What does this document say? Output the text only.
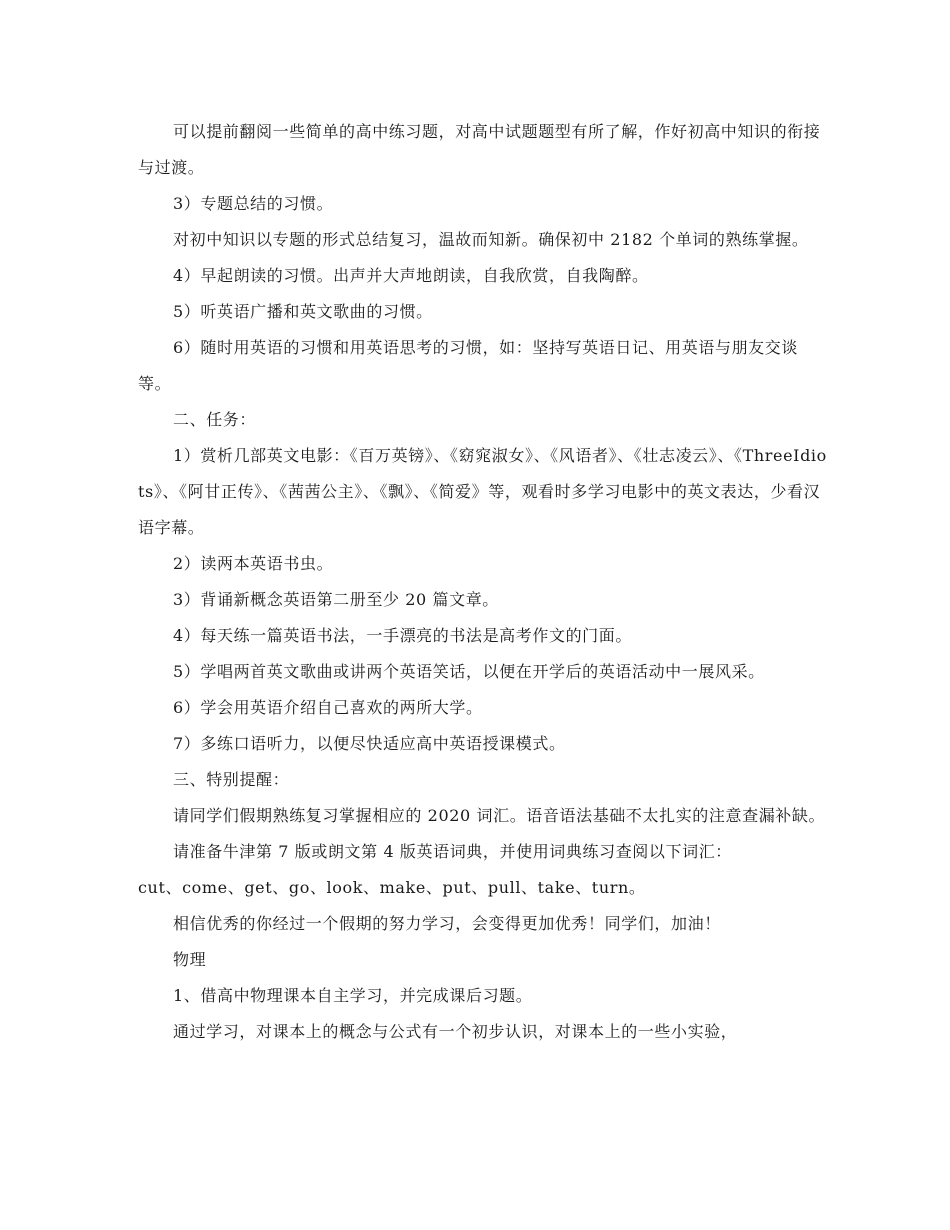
可以提前翻阅一些简单的高中练习题，对高中试题题型有所了解，作好初高中知识的衔接与过渡。

3）专题总结的习惯。

对初中知识以专题的形式总结复习，温故而知新。确保初中 2182 个单词的熟练掌握。

4）早起朗读的习惯。出声并大声地朗读，自我欣赏，自我陶醉。

5）听英语广播和英文歌曲的习惯。

6）随时用英语的习惯和用英语思考的习惯，如：坚持写英语日记、用英语与朋友交谈等。

二、任务：

1）赏析几部英文电影：《百万英镑》、《窈窕淑女》、《风语者》、《壮志凌云》、《ThreeIdiots》、《阿甘正传》、《茜茜公主》、《飘》、《简爱》等，观看时多学习电影中的英文表达，少看汉语字幕。

2）读两本英语书虫。

3）背诵新概念英语第二册至少 20 篇文章。

4）每天练一篇英语书法，一手漂亮的书法是高考作文的门面。

5）学唱两首英文歌曲或讲两个英语笑话，以便在开学后的英语活动中一展风采。

6）学会用英语介绍自己喜欢的两所大学。

7）多练口语听力，以便尽快适应高中英语授课模式。

三、特别提醒：

请同学们假期熟练复习掌握相应的 2020 词汇。语音语法基础不太扎实的注意查漏补缺。

请准备牛津第 7 版或朗文第 4 版英语词典，并使用词典练习查阅以下词汇：

cut、come、get、go、look、make、put、pull、take、turn。

相信优秀的你经过一个假期的努力学习，会变得更加优秀！同学们，加油！

物理

1、借高中物理课本自主学习，并完成课后习题。

通过学习，对课本上的概念与公式有一个初步认识，对课本上的一些小实验，
